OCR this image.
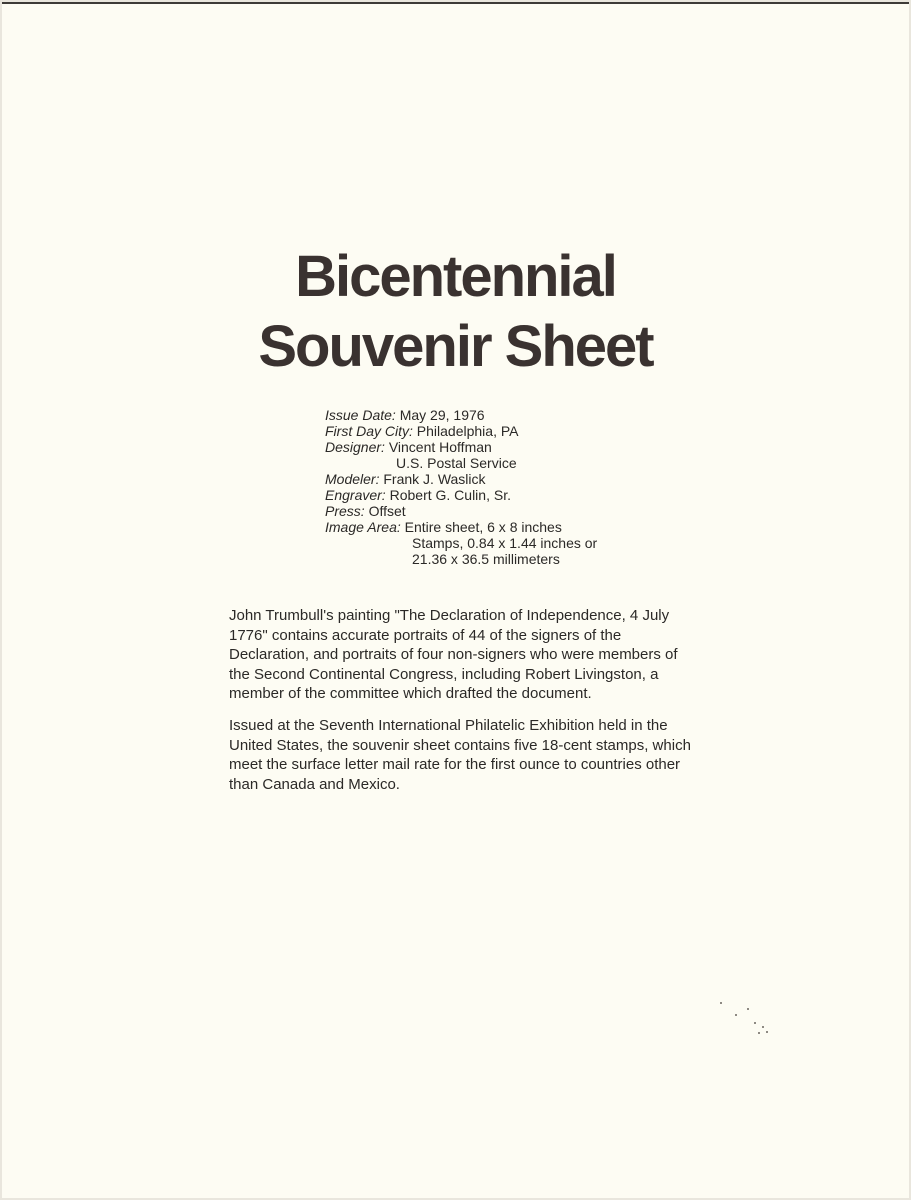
Bicentennial
Souvenir Sheet
Issue Date: May 29, 1976
First Day City: Philadelphia, PA
Designer: Vincent Hoffman
U.S. Postal Service
Modeler: Frank J. Waslick
Engraver: Robert G. Culin, Sr.
Press: Offset
Image Area: Entire sheet, 6 x 8 inches
Stamps, 0.84 x 1.44 inches or
21.36 x 36.5 millimeters

John Trumbull's painting "The Declaration of Independence, 4 July 1776" contains accurate portraits of 44 of the signers of the Declaration, and portraits of four non-signers who were members of the Second Continental Congress, including Robert Livingston, a member of the committee which drafted the document.

Issued at the Seventh International Philatelic Exhibition held in the United States, the souvenir sheet contains five 18-cent stamps, which meet the surface letter mail rate for the first ounce to countries other than Canada and Mexico.
